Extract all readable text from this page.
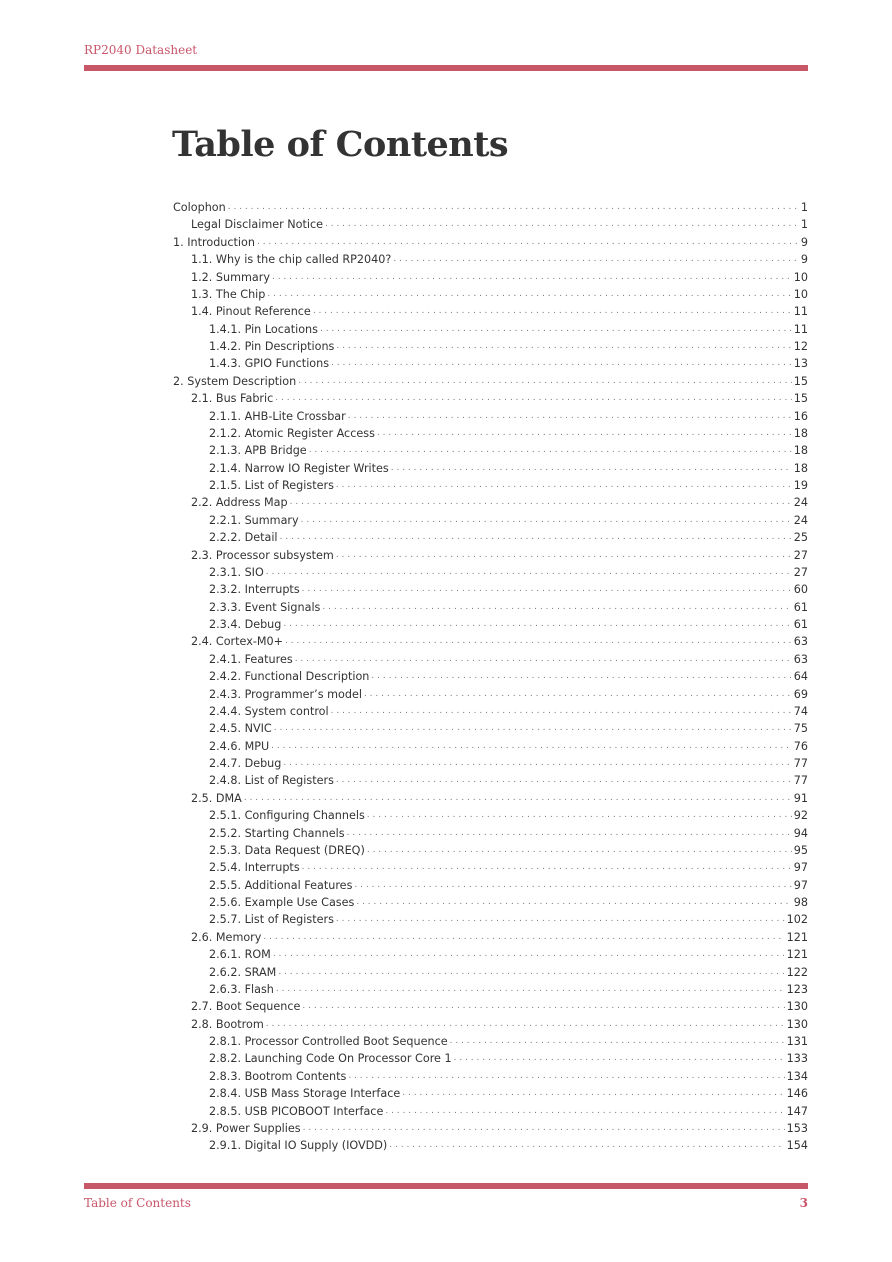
RP2040 Datasheet
Table of Contents
Colophon . . .	1
Legal Disclaimer Notice . . .	1
1. Introduction . . .	9
1.1. Why is the chip called RP2040? . . .	9
1.2. Summary . . .	10
1.3. The Chip . . .	10
1.4. Pinout Reference . . .	11
1.4.1. Pin Locations . . .	11
1.4.2. Pin Descriptions . . .	12
1.4.3. GPIO Functions . . .	13
2. System Description . . .	15
2.1. Bus Fabric . . .	15
2.1.1. AHB-Lite Crossbar . . .	16
2.1.2. Atomic Register Access . . .	18
2.1.3. APB Bridge . . .	18
2.1.4. Narrow IO Register Writes . . .	18
2.1.5. List of Registers . . .	19
2.2. Address Map . . .	24
2.2.1. Summary . . .	24
2.2.2. Detail . . .	25
2.3. Processor subsystem . . .	27
2.3.1. SIO . . .	27
2.3.2. Interrupts . . .	60
2.3.3. Event Signals . . .	61
2.3.4. Debug . . .	61
2.4. Cortex-M0+ . . .	63
2.4.1. Features . . .	63
2.4.2. Functional Description . . .	64
2.4.3. Programmer’s model . . .	69
2.4.4. System control . . .	74
2.4.5. NVIC . . .	75
2.4.6. MPU . . .	76
2.4.7. Debug . . .	77
2.4.8. List of Registers . . .	77
2.5. DMA . . .	91
2.5.1. Configuring Channels . . .	92
2.5.2. Starting Channels . . .	94
2.5.3. Data Request (DREQ) . . .	95
2.5.4. Interrupts . . .	97
2.5.5. Additional Features . . .	97
2.5.6. Example Use Cases . . .	98
2.5.7. List of Registers . . .	102
2.6. Memory . . .	121
2.6.1. ROM . . .	121
2.6.2. SRAM . . .	122
2.6.3. Flash . . .	123
2.7. Boot Sequence . . .	130
2.8. Bootrom . . .	130
2.8.1. Processor Controlled Boot Sequence . . .	131
2.8.2. Launching Code On Processor Core 1 . . .	133
2.8.3. Bootrom Contents . . .	134
2.8.4. USB Mass Storage Interface . . .	146
2.8.5. USB PICOBOOT Interface . . .	147
2.9. Power Supplies . . .	153
2.9.1. Digital IO Supply (IOVDD) . . .	154
Table of Contents	3
